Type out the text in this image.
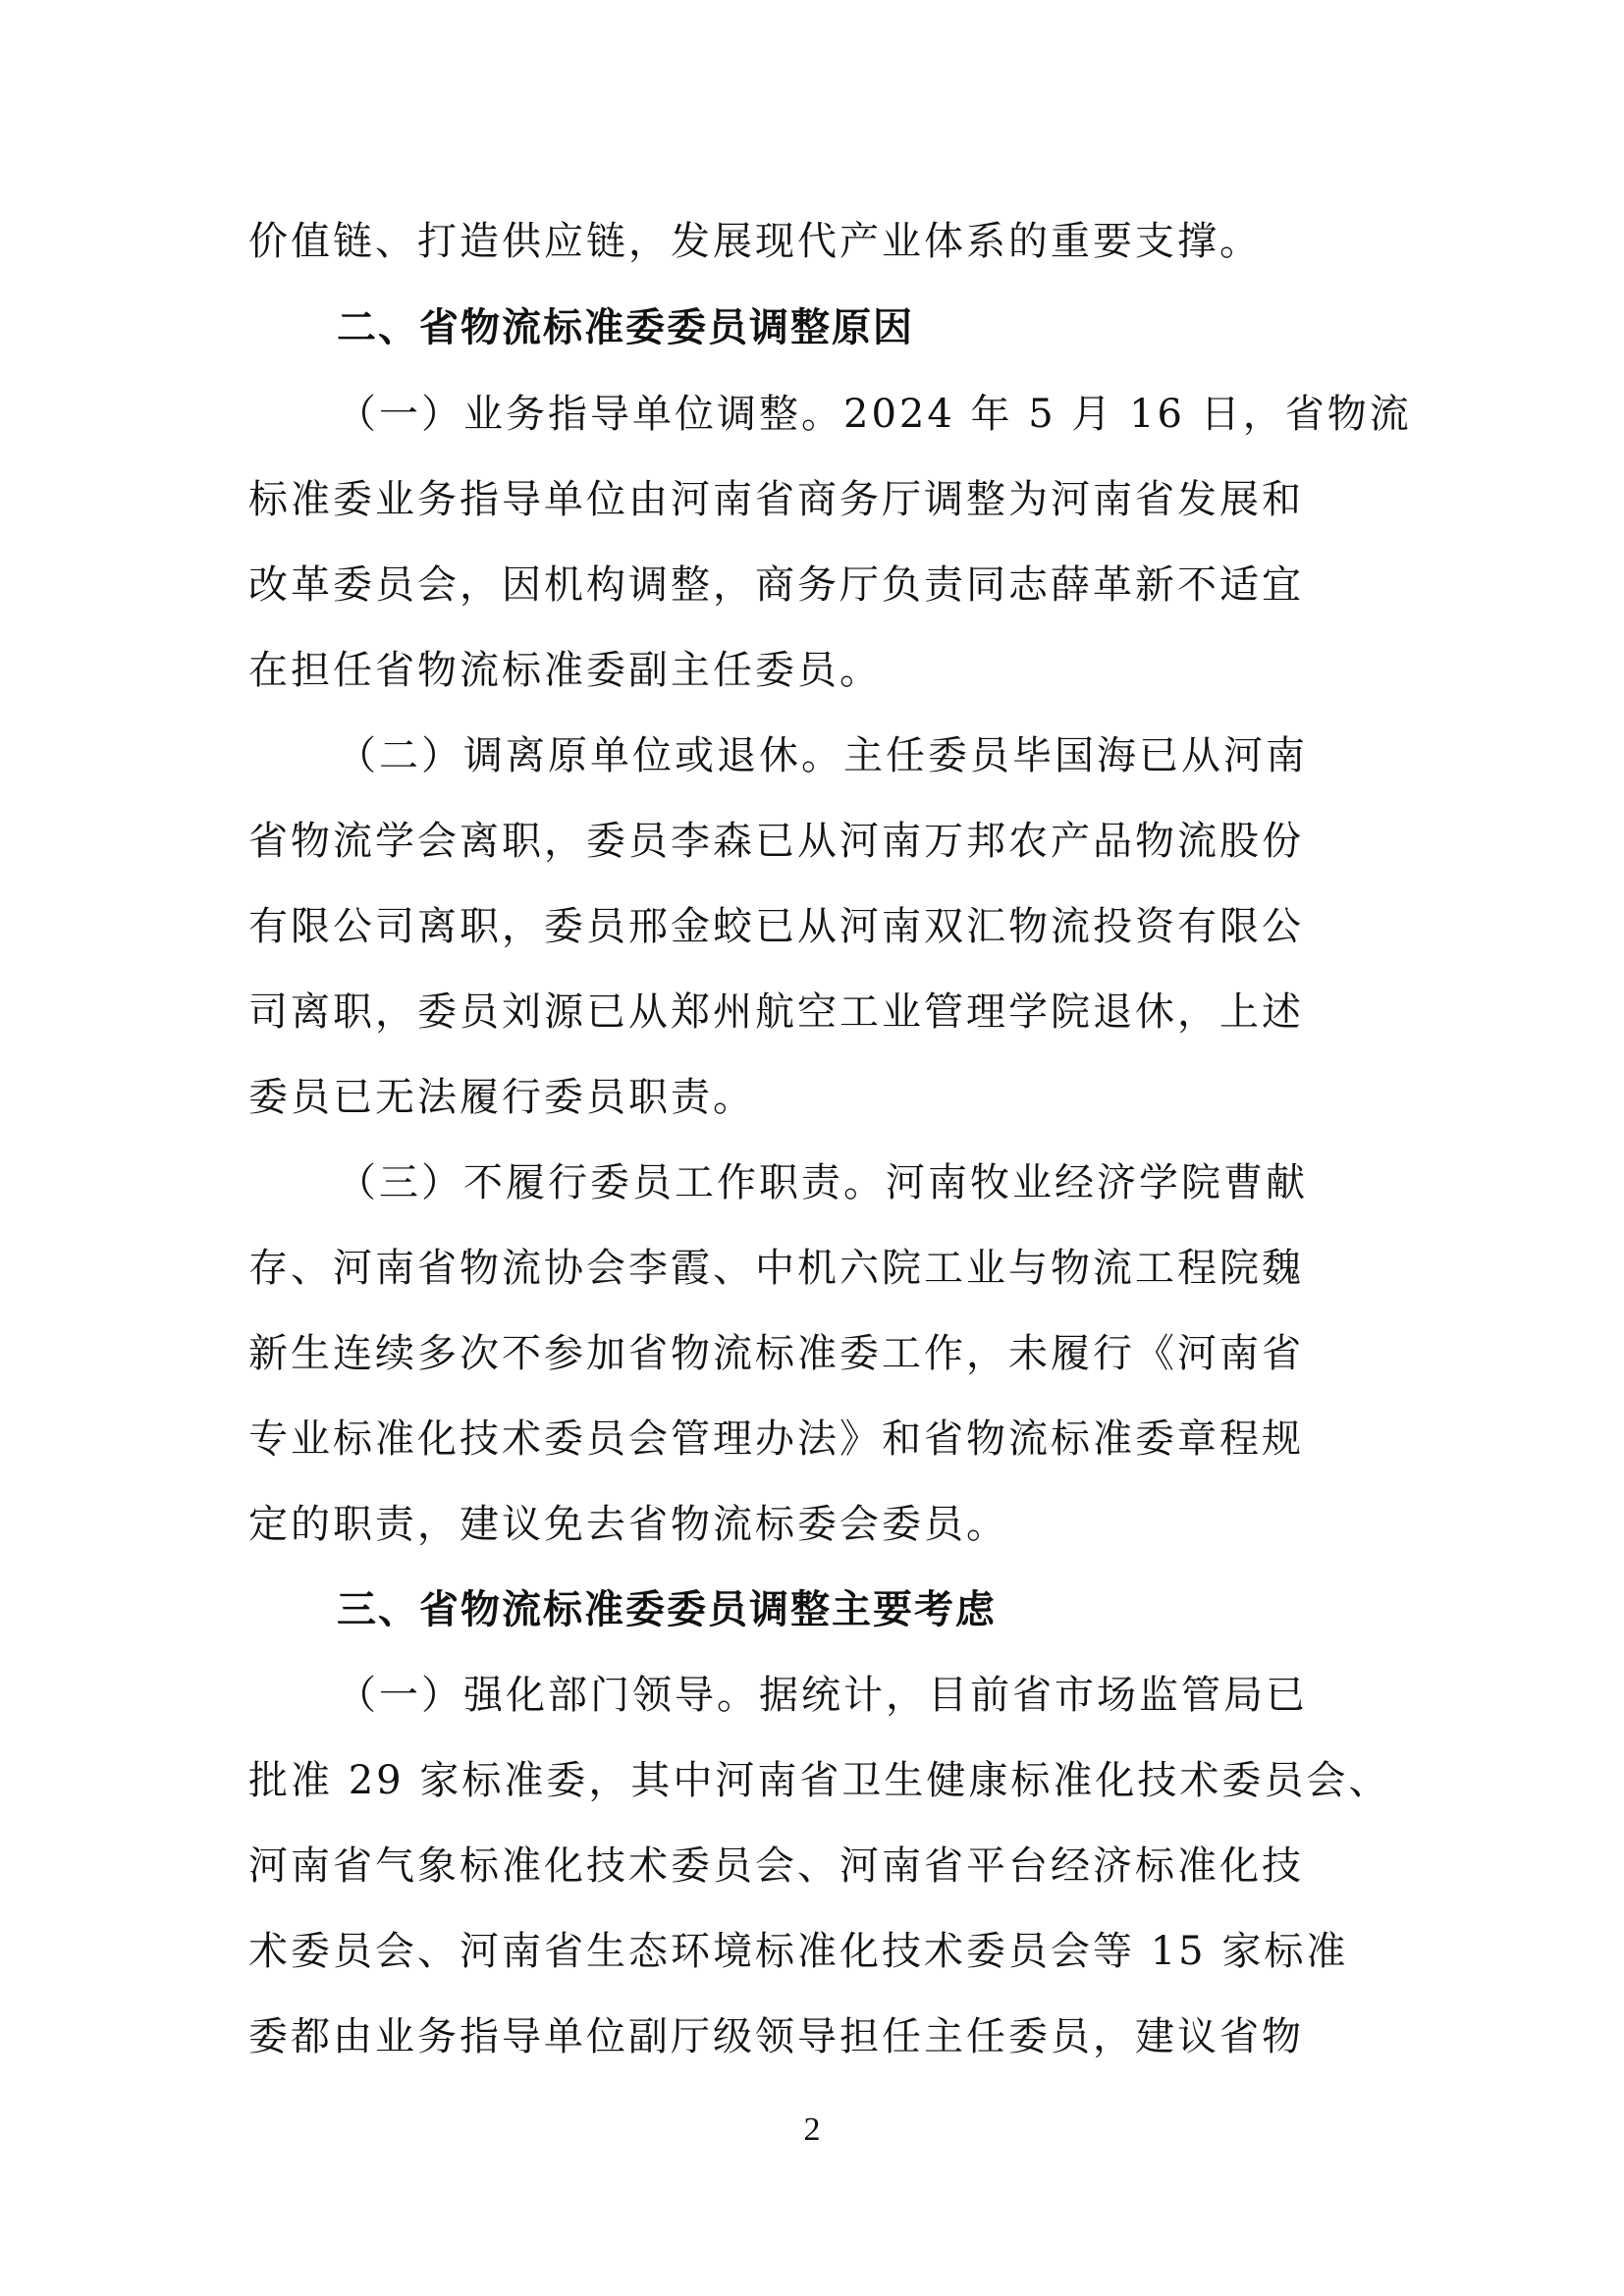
价值链、打造供应链，发展现代产业体系的重要支撑。
二、省物流标准委委员调整原因
（一）业务指导单位调整。2024 年 5 月 16 日，省物流
标准委业务指导单位由河南省商务厅调整为河南省发展和
改革委员会，因机构调整，商务厅负责同志薛革新不适宜
在担任省物流标准委副主任委员。
（二）调离原单位或退休。主任委员毕国海已从河南
省物流学会离职，委员李森已从河南万邦农产品物流股份
有限公司离职，委员邢金蛟已从河南双汇物流投资有限公
司离职，委员刘源已从郑州航空工业管理学院退休，上述
委员已无法履行委员职责。
（三）不履行委员工作职责。河南牧业经济学院曹献
存、河南省物流协会李霞、中机六院工业与物流工程院魏
新生连续多次不参加省物流标准委工作，未履行《河南省
专业标准化技术委员会管理办法》和省物流标准委章程规
定的职责，建议免去省物流标委会委员。
三、省物流标准委委员调整主要考虑
（一）强化部门领导。据统计，目前省市场监管局已
批准 29 家标准委，其中河南省卫生健康标准化技术委员会、
河南省气象标准化技术委员会、河南省平台经济标准化技
术委员会、河南省生态环境标准化技术委员会等 15 家标准
委都由业务指导单位副厅级领导担任主任委员，建议省物
2
